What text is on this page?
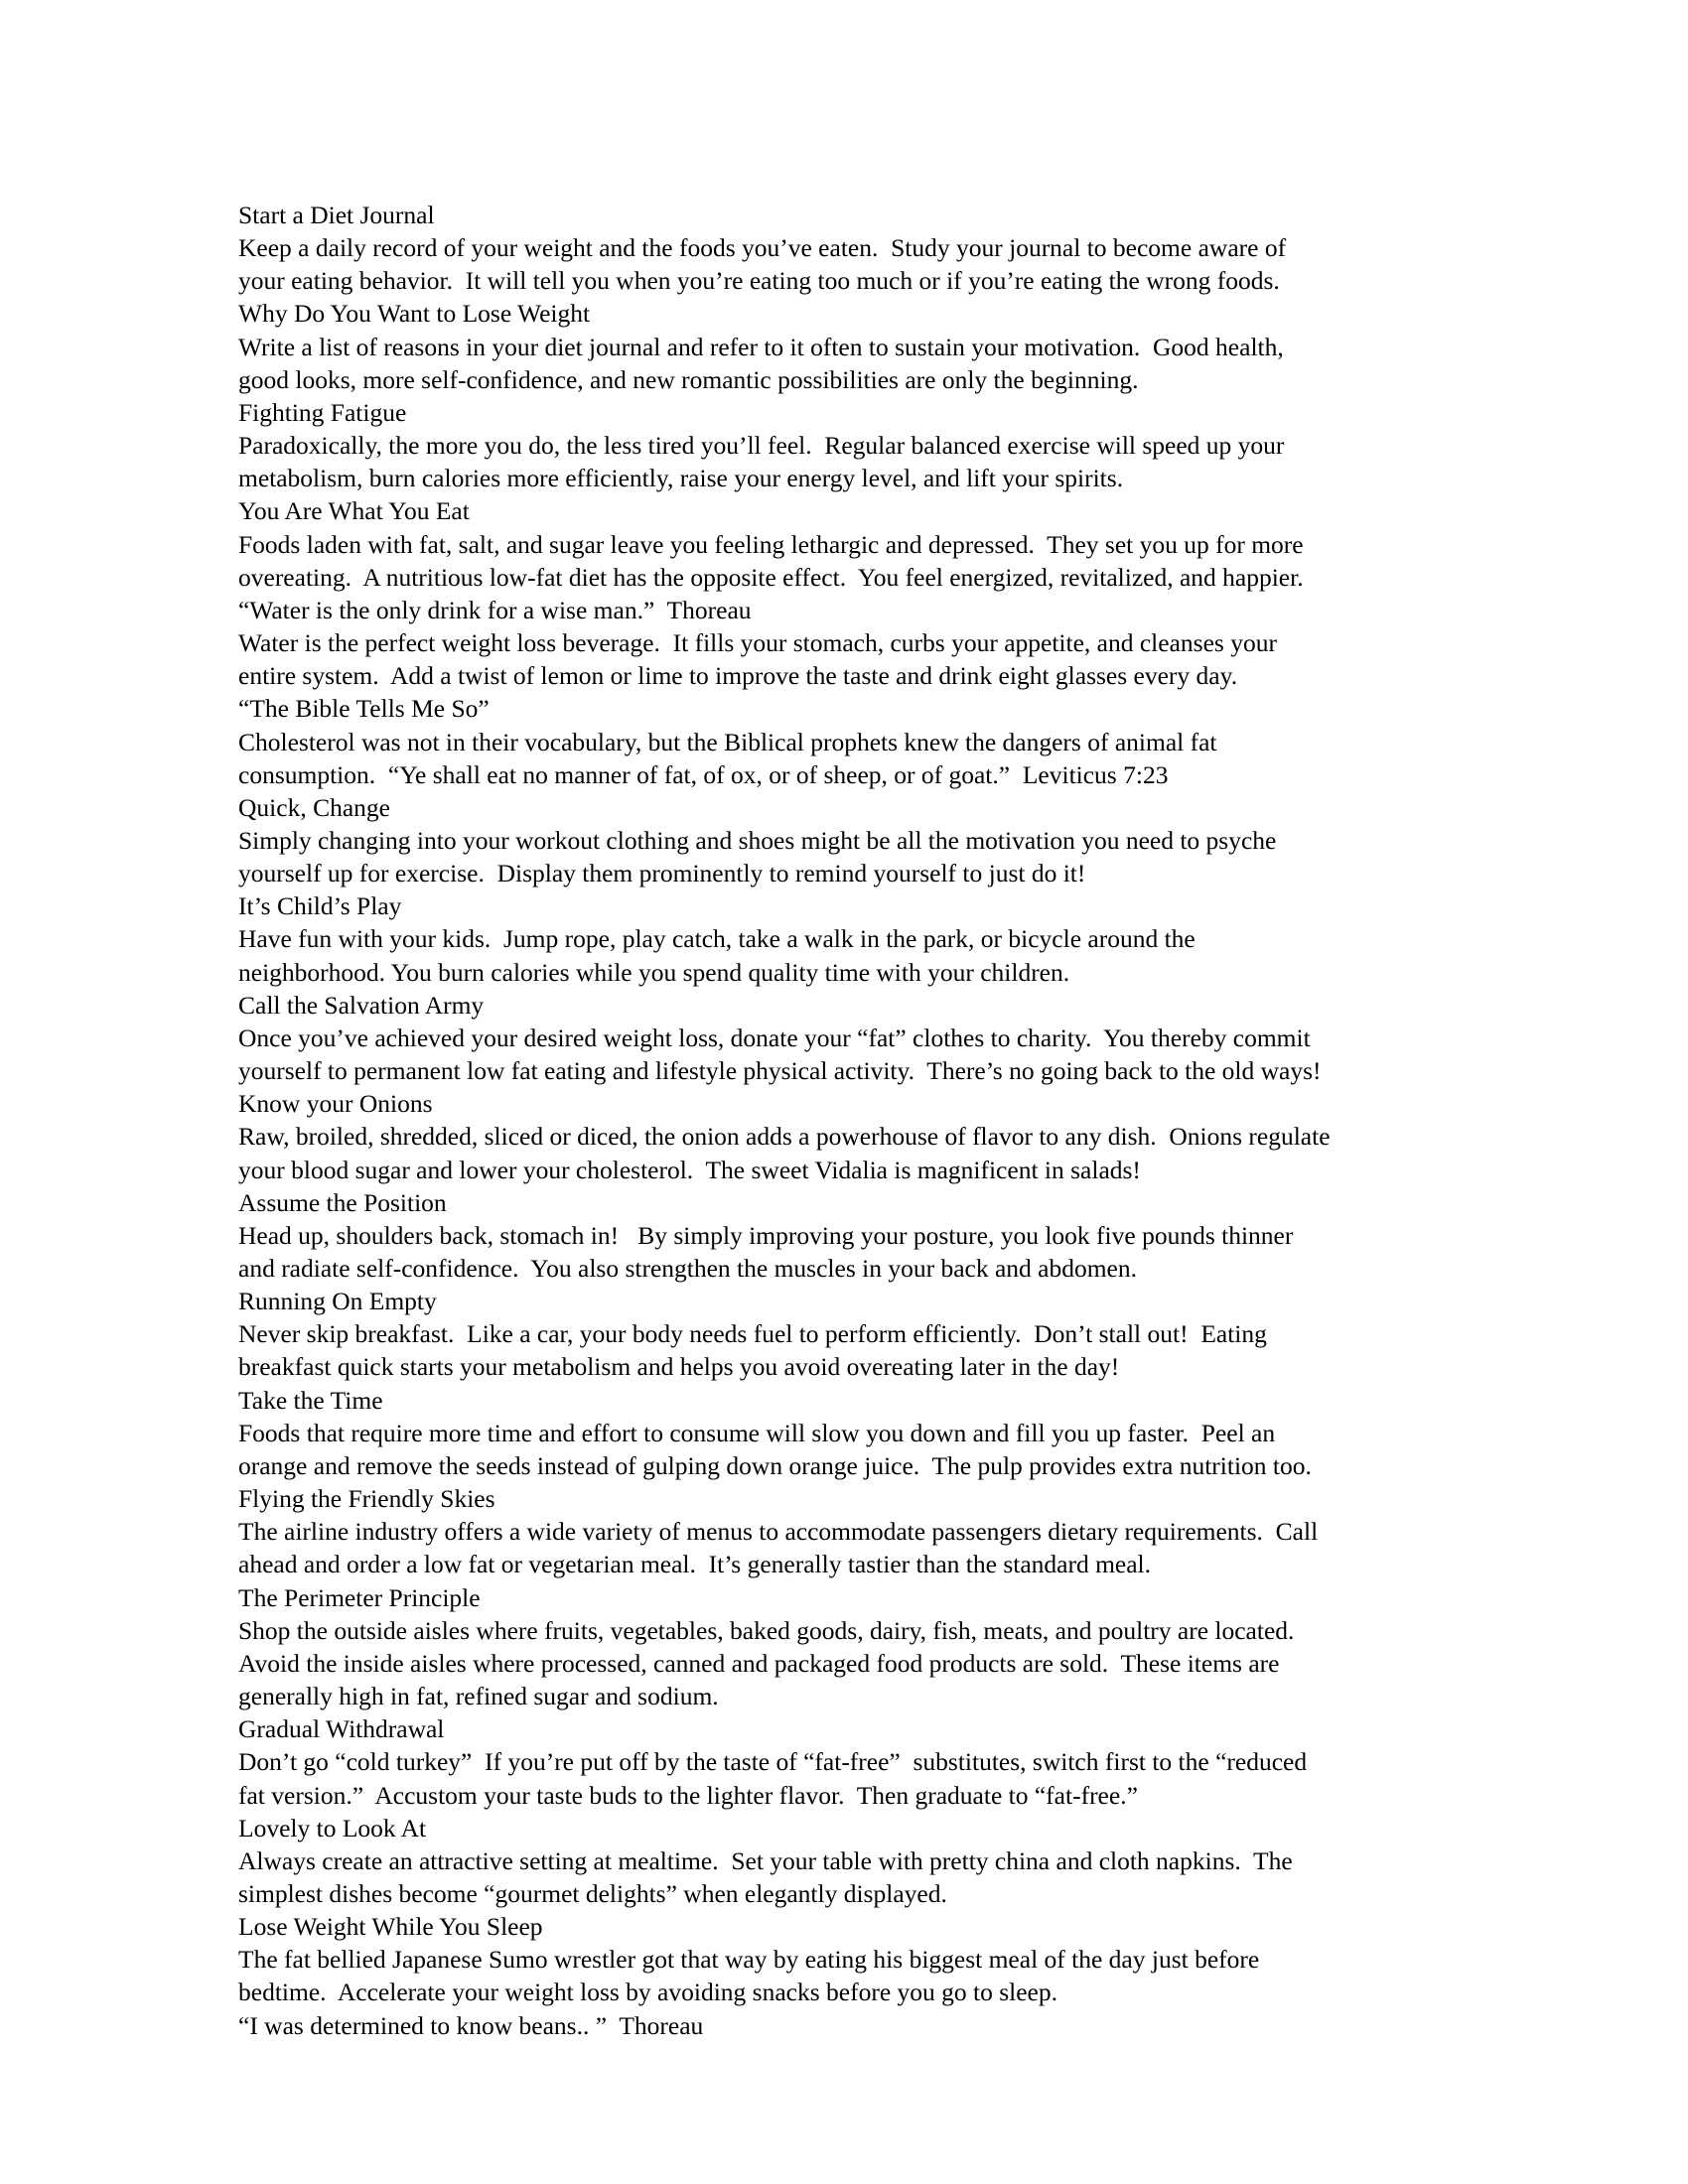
Start a Diet Journal
Keep a daily record of your weight and the foods you’ve eaten.  Study your journal to become aware of
your eating behavior.  It will tell you when you’re eating too much or if you’re eating the wrong foods.
Why Do You Want to Lose Weight
Write a list of reasons in your diet journal and refer to it often to sustain your motivation.  Good health,
good looks, more self-confidence, and new romantic possibilities are only the beginning.
Fighting Fatigue
Paradoxically, the more you do, the less tired you’ll feel.  Regular balanced exercise will speed up your
metabolism, burn calories more efficiently, raise your energy level, and lift your spirits.
You Are What You Eat
Foods laden with fat, salt, and sugar leave you feeling lethargic and depressed.  They set you up for more
overeating.  A nutritious low-fat diet has the opposite effect.  You feel energized, revitalized, and happier.
“Water is the only drink for a wise man.”  Thoreau
Water is the perfect weight loss beverage.  It fills your stomach, curbs your appetite, and cleanses your
entire system.  Add a twist of lemon or lime to improve the taste and drink eight glasses every day.
“The Bible Tells Me So”
Cholesterol was not in their vocabulary, but the Biblical prophets knew the dangers of animal fat
consumption.  “Ye shall eat no manner of fat, of ox, or of sheep, or of goat.”  Leviticus 7:23
Quick, Change
Simply changing into your workout clothing and shoes might be all the motivation you need to psyche
yourself up for exercise.  Display them prominently to remind yourself to just do it!
It’s Child’s Play
Have fun with your kids.  Jump rope, play catch, take a walk in the park, or bicycle around the
neighborhood. You burn calories while you spend quality time with your children.
Call the Salvation Army
Once you’ve achieved your desired weight loss, donate your “fat” clothes to charity.  You thereby commit
yourself to permanent low fat eating and lifestyle physical activity.  There’s no going back to the old ways!
Know your Onions
Raw, broiled, shredded, sliced or diced, the onion adds a powerhouse of flavor to any dish.  Onions regulate
your blood sugar and lower your cholesterol.  The sweet Vidalia is magnificent in salads!
Assume the Position
Head up, shoulders back, stomach in!   By simply improving your posture, you look five pounds thinner
and radiate self-confidence.  You also strengthen the muscles in your back and abdomen.
Running On Empty
Never skip breakfast.  Like a car, your body needs fuel to perform efficiently.  Don’t stall out!  Eating
breakfast quick starts your metabolism and helps you avoid overeating later in the day!
Take the Time
Foods that require more time and effort to consume will slow you down and fill you up faster.  Peel an
orange and remove the seeds instead of gulping down orange juice.  The pulp provides extra nutrition too.
Flying the Friendly Skies
The airline industry offers a wide variety of menus to accommodate passengers dietary requirements.  Call
ahead and order a low fat or vegetarian meal.  It’s generally tastier than the standard meal.
The Perimeter Principle
Shop the outside aisles where fruits, vegetables, baked goods, dairy, fish, meats, and poultry are located.
Avoid the inside aisles where processed, canned and packaged food products are sold.  These items are
generally high in fat, refined sugar and sodium.
Gradual Withdrawal
Don’t go “cold turkey”  If you’re put off by the taste of “fat-free”  substitutes, switch first to the “reduced
fat version.”  Accustom your taste buds to the lighter flavor.  Then graduate to “fat-free.”
Lovely to Look At
Always create an attractive setting at mealtime.  Set your table with pretty china and cloth napkins.  The
simplest dishes become “gourmet delights” when elegantly displayed.
Lose Weight While You Sleep
The fat bellied Japanese Sumo wrestler got that way by eating his biggest meal of the day just before
bedtime.  Accelerate your weight loss by avoiding snacks before you go to sleep.
“I was determined to know beans.. ”  Thoreau
